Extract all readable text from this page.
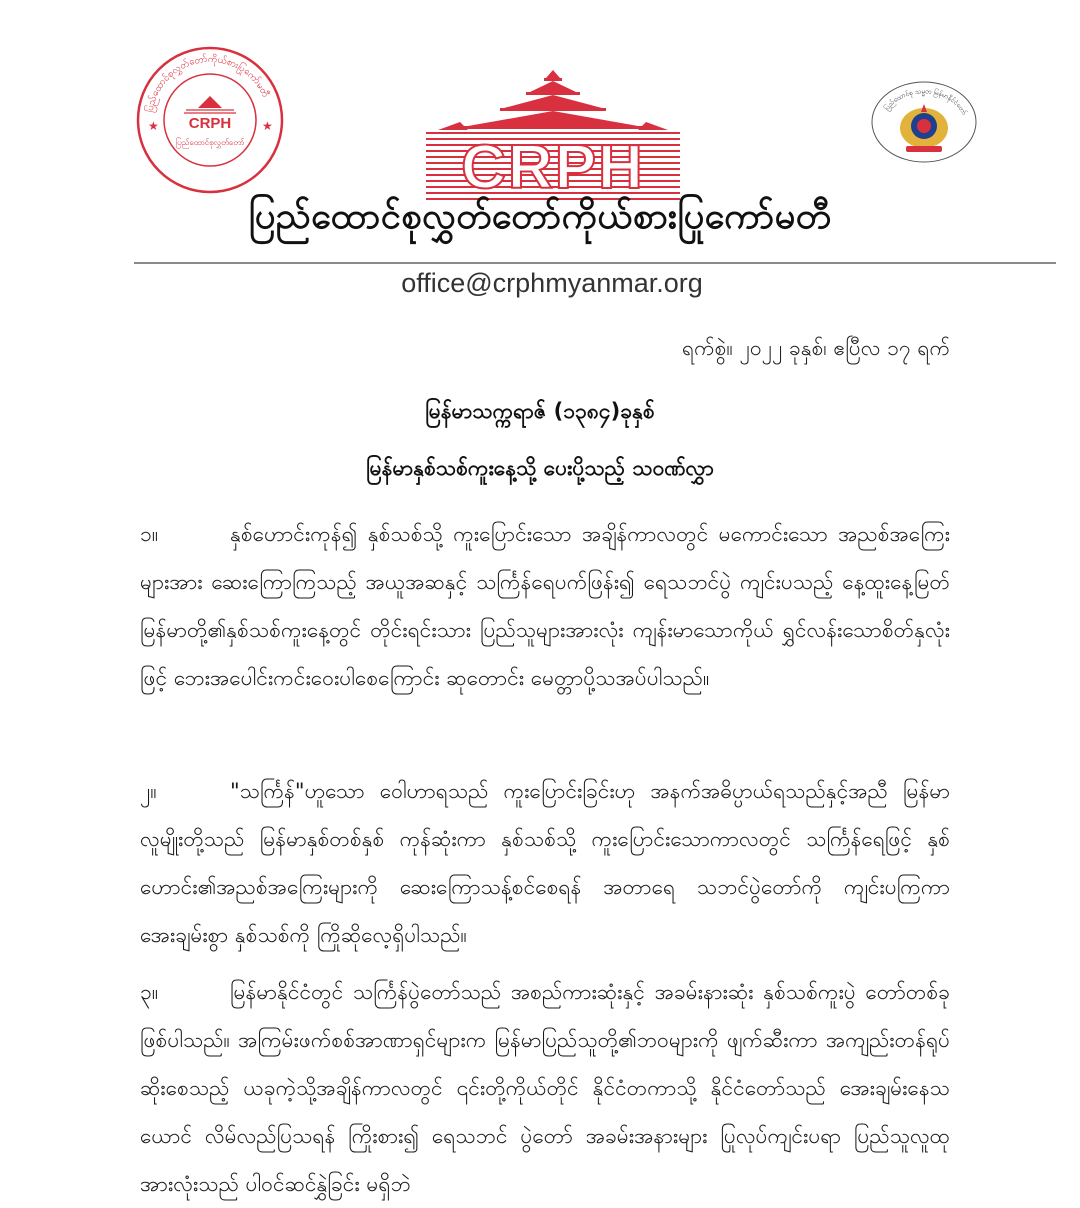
ပြည်ထောင်စုလွှတ်တော်ကိုယ်စားပြုကော်မတီ
★	★
CRPH
ပြည်ထောင်စုလွှတ်တော်	CRPH
ပြည်ထောင်စု သမ္မတ မြန်မာနိုင်ငံတော်
ပြည်ထောင်စုလွှတ်တော်ကိုယ်စားပြုကော်မတီ
office@crphmyanmar.org
ရက်စွဲ။ ၂၀၂၂ ခုနှစ်၊ ဧပြီလ ၁၇ ရက်
မြန်မာသက္ကရာဇ် (၁၃၈၄)ခုနှစ်
မြန်မာနှစ်သစ်ကူးနေ့သို့ ပေးပို့သည့် သဝဏ်လွှာ
၁။	နှစ်ဟောင်းကုန်၍ နှစ်သစ်သို့ ကူးပြောင်းသော အချိန်ကာလတွင် မကောင်းသော အညစ်အကြေးများအား ဆေးကြောကြသည့် အယူအဆနှင့် သင်္ကြန်ရေပက်ဖြန်း၍ ရေသဘင်ပွဲ ကျင်းပသည့် နေ့ထူးနေ့မြတ် မြန်မာတို့၏နှစ်သစ်ကူးနေ့တွင် တိုင်းရင်းသား ပြည်သူများအားလုံး ကျန်းမာသောကိုယ် ရွှင်လန်းသောစိတ်နှလုံးဖြင့် ဘေးအပေါင်းကင်းဝေးပါစေကြောင်း ဆုတောင်း မေတ္တာပို့သအပ်ပါသည်။
၂။	"သင်္ကြန်"ဟူသော ဝေါဟာရသည် ကူးပြောင်းခြင်းဟု အနက်အဓိပ္ပာယ်ရသည်နှင့်အညီ မြန်မာလူမျိုးတို့သည် မြန်မာနှစ်တစ်နှစ် ကုန်ဆုံးကာ နှစ်သစ်သို့ ကူးပြောင်းသောကာလတွင် သင်္ကြန်ရေဖြင့် နှစ်ဟောင်း၏အညစ်အကြေးများကို ဆေးကြောသန့်စင်စေရန် အတာရေ သဘင်ပွဲတော်ကို ကျင်းပကြကာ အေးချမ်းစွာ နှစ်သစ်ကို ကြိုဆိုလေ့ရှိပါသည်။
၃။	မြန်မာနိုင်ငံတွင် သင်္ကြန်ပွဲတော်သည် အစည်ကားဆုံးနှင့် အခမ်းနားဆုံး နှစ်သစ်ကူးပွဲ တော်တစ်ခုဖြစ်ပါသည်။ အကြမ်းဖက်စစ်အာဏာရှင်များက မြန်မာပြည်သူတို့၏ဘဝများကို ဖျက်ဆီးကာ အကျည်းတန်ရုပ်ဆိုးစေသည့် ယခုကဲ့သို့အချိန်ကာလတွင် ၎င်းတို့ကိုယ်တိုင် နိုင်ငံတကာသို့ နိုင်ငံတော်သည် အေးချမ်းနေသယောင် လိမ်လည်ပြသရန် ကြိုးစား၍ ရေသဘင် ပွဲတော် အခမ်းအနားများ ပြုလုပ်ကျင်းပရာ ပြည်သူလူထုအားလုံးသည် ပါဝင်ဆင်နွှဲခြင်း မရှိဘဲ
